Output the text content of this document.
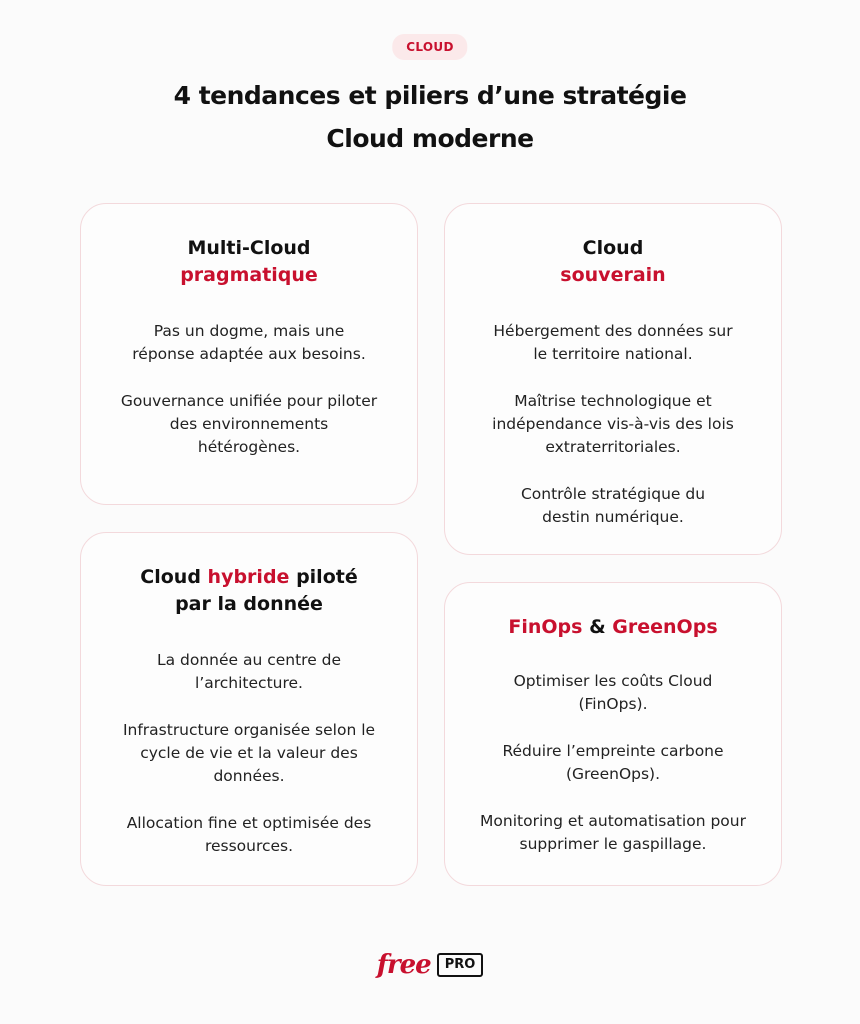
CLOUD
4 tendances et piliers d’une stratégie
Cloud moderne
Multi-Cloud
pragmatique

Pas un dogme, mais une réponse adaptée aux besoins.

Gouvernance unifiée pour piloter des environnements hétérogènes.

Cloud
souverain

Hébergement des données sur le territoire national.

Maîtrise technologique et indépendance vis-à-vis des lois extraterritoriales.

Contrôle stratégique du destin numérique.

Cloud hybride piloté
par la donnée

La donnée au centre de l’architecture.

Infrastructure organisée selon le cycle de vie et la valeur des données.

Allocation fine et optimisée des ressources.

FinOps & GreenOps

Optimiser les coûts Cloud (FinOps).

Réduire l’empreinte carbone (GreenOps).

Monitoring et automatisation pour supprimer le gaspillage.

free	PRO
